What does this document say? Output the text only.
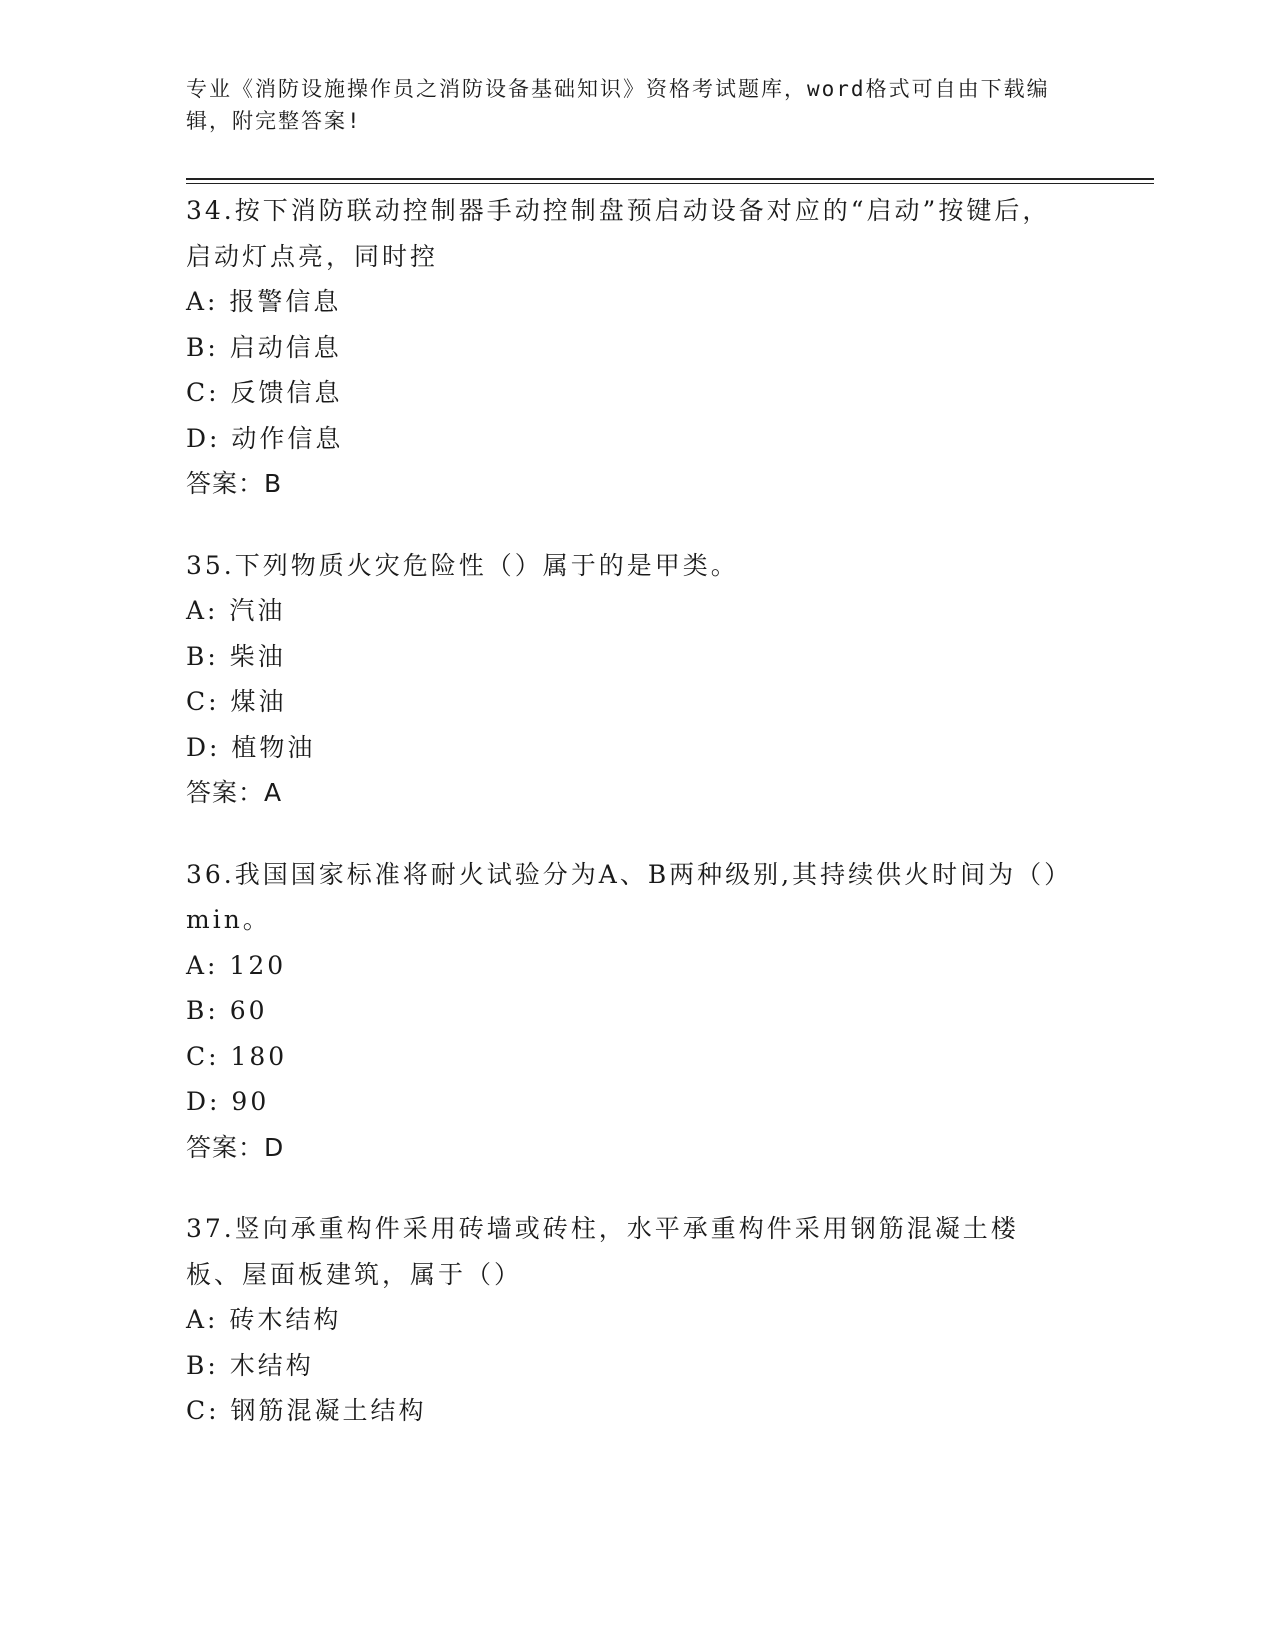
专业《消防设施操作员之消防设备基础知识》资格考试题库，word格式可自由下载编辑，附完整答案!

34.按下消防联动控制器手动控制盘预启动设备对应的“启动”按键后，启动灯点亮，同时控

A: 报警信息

B: 启动信息

C: 反馈信息

D: 动作信息

答案：B

35.下列物质火灾危险性（）属于的是甲类。

A: 汽油

B: 柴油

C: 煤油

D: 植物油

答案：A

36.我国国家标准将耐火试验分为A、B两种级别,其持续供火时间为（）min。

A: 120

B: 60

C: 180

D: 90

答案：D

37.竖向承重构件采用砖墙或砖柱，水平承重构件采用钢筋混凝土楼板、屋面板建筑，属于（）

A: 砖木结构

B: 木结构

C: 钢筋混凝土结构
